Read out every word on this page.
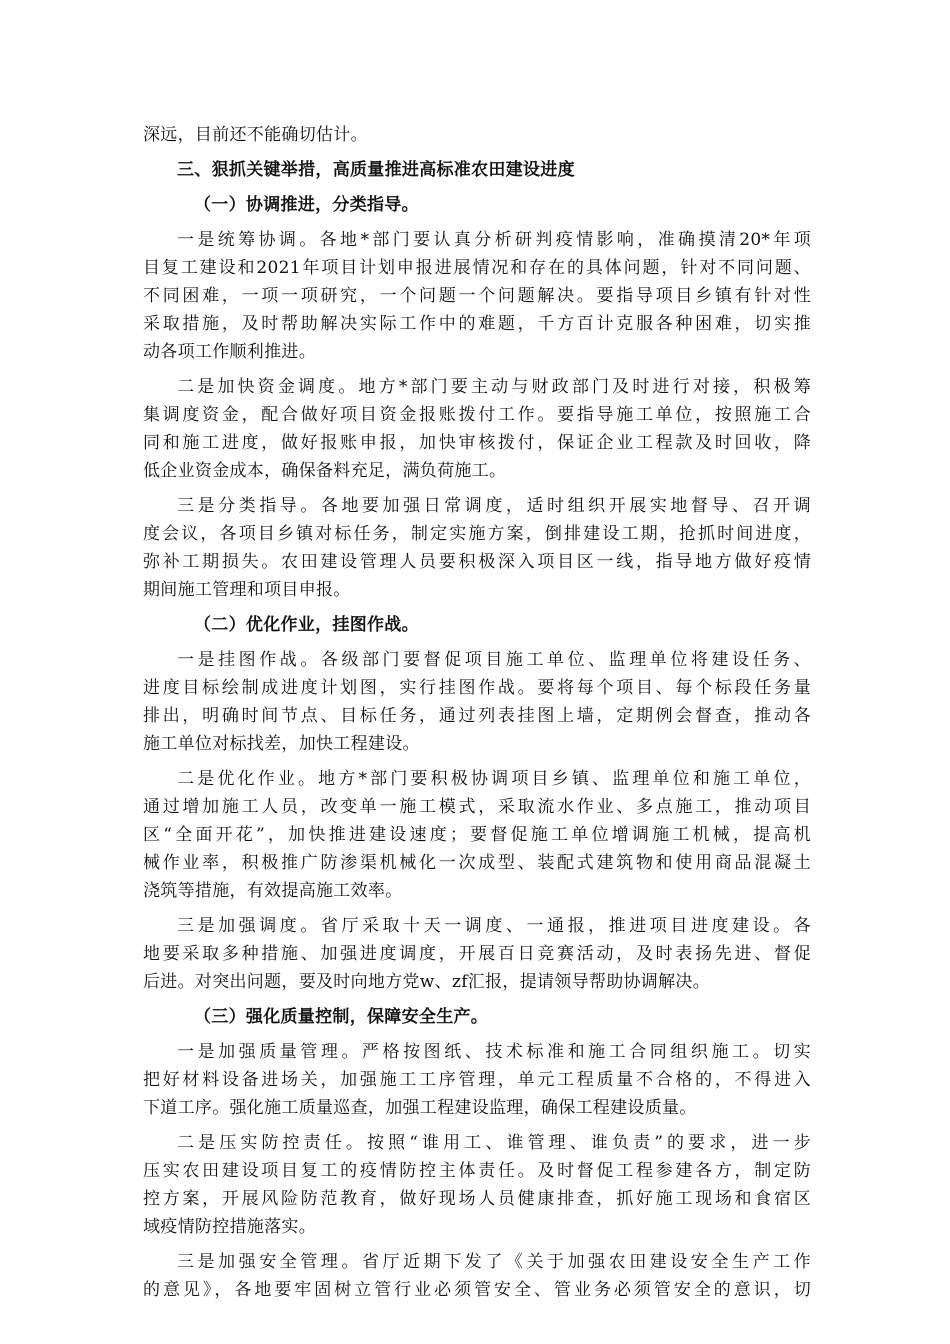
深远，目前还不能确切估计。
三、狠抓关键举措，高质量推进高标准农田建设进度
（一）协调推进，分类指导。
一是统筹协调。各地*部门要认真分析研判疫情影响，准确摸清20*年项
目复工建设和2021年项目计划申报进展情况和存在的具体问题，针对不同问题、
不同困难，一项一项研究，一个问题一个问题解决。要指导项目乡镇有针对性
采取措施，及时帮助解决实际工作中的难题，千方百计克服各种困难，切实推
动各项工作顺利推进。
二是加快资金调度。地方*部门要主动与财政部门及时进行对接，积极筹
集调度资金，配合做好项目资金报账拨付工作。要指导施工单位，按照施工合
同和施工进度，做好报账申报，加快审核拨付，保证企业工程款及时回收，降
低企业资金成本，确保备料充足，满负荷施工。
三是分类指导。各地要加强日常调度，适时组织开展实地督导、召开调
度会议，各项目乡镇对标任务，制定实施方案，倒排建设工期，抢抓时间进度，
弥补工期损失。农田建设管理人员要积极深入项目区一线，指导地方做好疫情
期间施工管理和项目申报。
（二）优化作业，挂图作战。
一是挂图作战。各级部门要督促项目施工单位、监理单位将建设任务、
进度目标绘制成进度计划图，实行挂图作战。要将每个项目、每个标段任务量
排出，明确时间节点、目标任务，通过列表挂图上墙，定期例会督查，推动各
施工单位对标找差，加快工程建设。
二是优化作业。地方*部门要积极协调项目乡镇、监理单位和施工单位，
通过增加施工人员，改变单一施工模式，采取流水作业、多点施工，推动项目
区“全面开花”，加快推进建设速度；要督促施工单位增调施工机械，提高机
械作业率，积极推广防渗渠机械化一次成型、装配式建筑物和使用商品混凝土
浇筑等措施，有效提高施工效率。
三是加强调度。省厅采取十天一调度、一通报，推进项目进度建设。各
地要采取多种措施、加强进度调度，开展百日竞赛活动，及时表扬先进、督促
后进。对突出问题，要及时向地方党w、zf汇报，提请领导帮助协调解决。
（三）强化质量控制，保障安全生产。
一是加强质量管理。严格按图纸、技术标准和施工合同组织施工。切实
把好材料设备进场关，加强施工工序管理，单元工程质量不合格的，不得进入
下道工序。强化施工质量巡查，加强工程建设监理，确保工程建设质量。
二是压实防控责任。按照“谁用工、谁管理、谁负责”的要求，进一步
压实农田建设项目复工的疫情防控主体责任。及时督促工程参建各方，制定防
控方案，开展风险防范教育，做好现场人员健康排查，抓好施工现场和食宿区
域疫情防控措施落实。
三是加强安全管理。省厅近期下发了《关于加强农田建设安全生产工作
的意见》，各地要牢固树立管行业必须管安全、管业务必须管安全的意识，切
